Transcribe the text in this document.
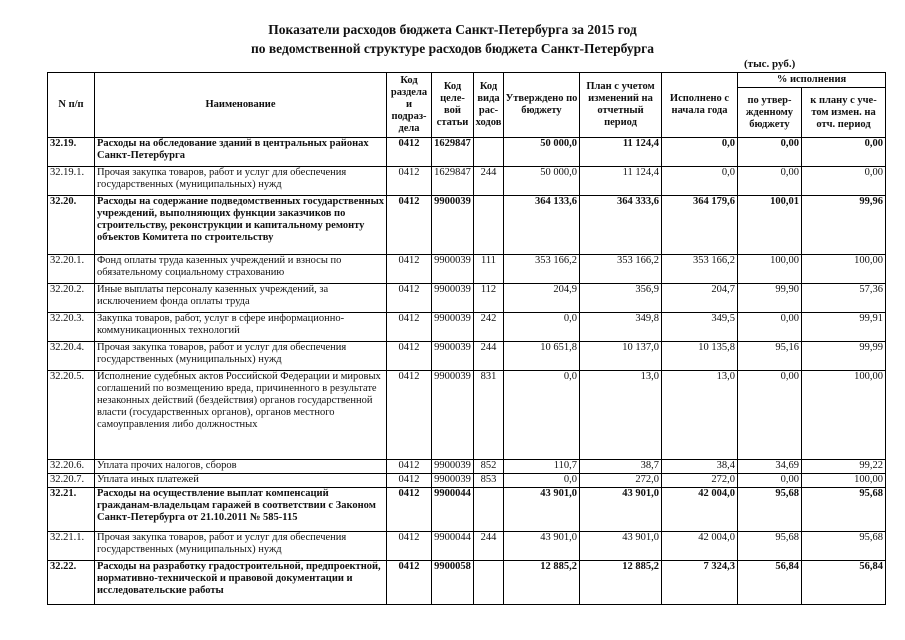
Показатели расходов бюджета Санкт-Петербурга за 2015 год
по ведомственной структуре расходов бюджета Санкт-Петербурга
(тыс. руб.)
N п/п	Наименование	Код раздела и подраз-дела	Код целе-вой статьи	Код вида рас-ходов	Утверждено по бюджету	План с учетом изменений на отчетный период	Исполнено с начала года	% исполнения	
								по утвер-жденному бюджету	к плану с уче-том измен. на отч. период
32.19.	Расходы на обследование зданий в центральных районах Санкт-Петербурга	0412	1629847		50 000,0	11 124,4	0,0	0,00	0,00
32.19.1.	Прочая закупка товаров, работ и услуг для обеспечения государственных (муниципальных) нужд	0412	1629847	244	50 000,0	11 124,4	0,0	0,00	0,00
32.20.	Расходы на содержание подведомственных государственных учреждений, выполняющих функции заказчиков по строительству, реконструкции и капитальному ремонту объектов Комитета по строительству	0412	9900039		364 133,6	364 333,6	364 179,6	100,01	99,96
32.20.1.	Фонд оплаты труда казенных учреждений и взносы по обязательному социальному страхованию	0412	9900039	111	353 166,2	353 166,2	353 166,2	100,00	100,00
32.20.2.	Иные выплаты персоналу казенных учреждений, за исключением фонда оплаты труда	0412	9900039	112	204,9	356,9	204,7	99,90	57,36
32.20.3.	Закупка товаров, работ, услуг в сфере информационно-коммуникационных технологий	0412	9900039	242	0,0	349,8	349,5	0,00	99,91
32.20.4.	Прочая закупка товаров, работ и услуг для обеспечения государственных (муниципальных) нужд	0412	9900039	244	10 651,8	10 137,0	10 135,8	95,16	99,99
32.20.5.	Исполнение судебных актов Российской Федерации и мировых соглашений по возмещению вреда, причиненного в результате незаконных действий (бездействия) органов государственной власти (государственных органов), органов местного самоуправления либо должностных	0412	9900039	831	0,0	13,0	13,0	0,00	100,00
32.20.6.	Уплата прочих налогов, сборов	0412	9900039	852	110,7	38,7	38,4	34,69	99,22
32.20.7.	Уплата иных платежей	0412	9900039	853	0,0	272,0	272,0	0,00	100,00
32.21.	Расходы на осуществление выплат компенсаций гражданам-владельцам гаражей в соответствии с Законом Санкт-Петербурга от 21.10.2011 № 585-115	0412	9900044		43 901,0	43 901,0	42 004,0	95,68	95,68
32.21.1.	Прочая закупка товаров, работ и услуг для обеспечения государственных (муниципальных) нужд	0412	9900044	244	43 901,0	43 901,0	42 004,0	95,68	95,68
32.22.	Расходы на разработку градостроительной, предпроектной, нормативно-технической и правовой документации и исследовательские работы	0412	9900058		12 885,2	12 885,2	7 324,3	56,84	56,84
